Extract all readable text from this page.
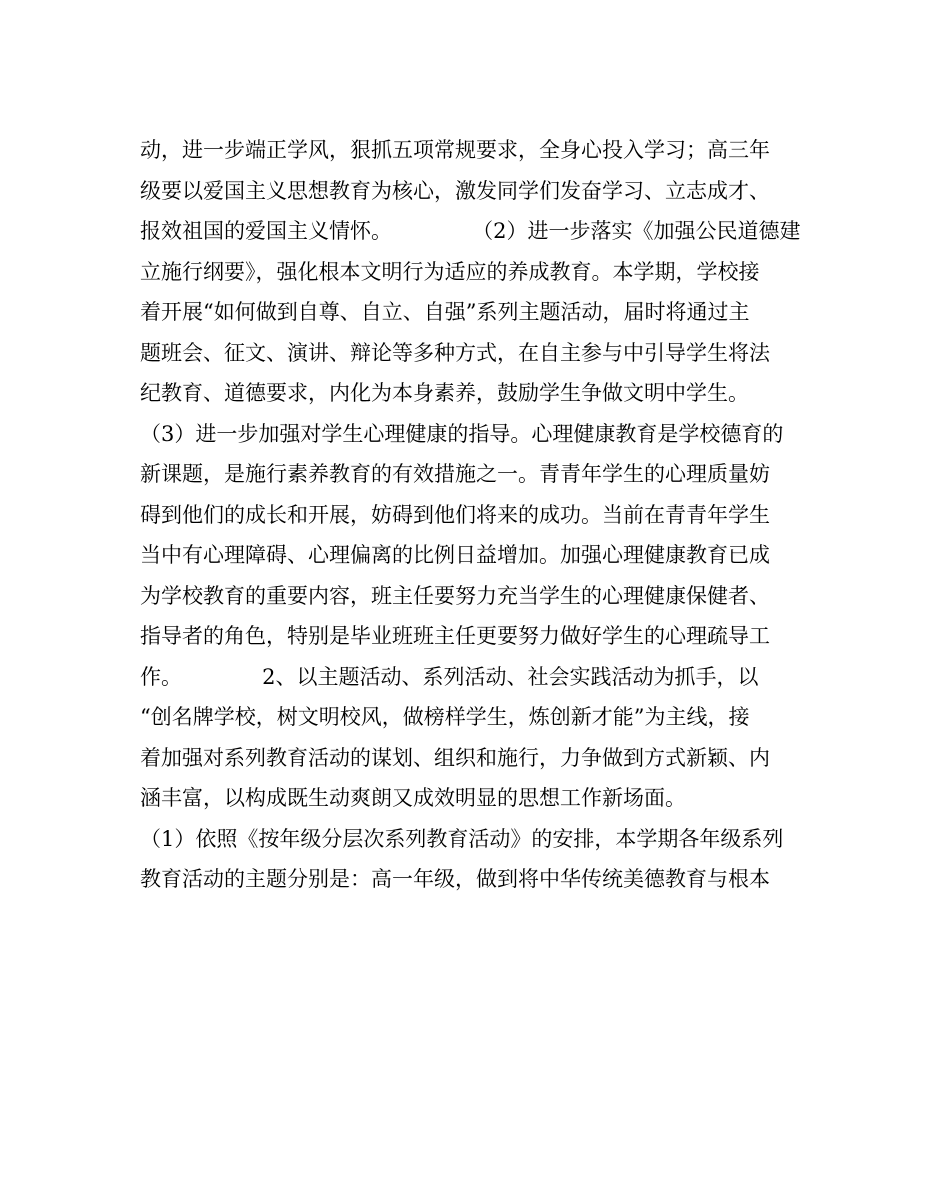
动，进一步端正学风，狠抓五项常规要求，全身心投入学习；高三年
级要以爱国主义思想教育为核心，激发同学们发奋学习、立志成才、
报效祖国的爱国主义情怀。            （2）进一步落实《加强公民道德建
立施行纲要》，强化根本文明行为适应的养成教育。本学期，学校接
着开展“如何做到自尊、自立、自强”系列主题活动，届时将通过主
题班会、征文、演讲、辩论等多种方式，在自主参与中引导学生将法
纪教育、道德要求，内化为本身素养，鼓励学生争做文明中学生。
（3）进一步加强对学生心理健康的指导。心理健康教育是学校德育的
新课题，是施行素养教育的有效措施之一。青青年学生的心理质量妨
碍到他们的成长和开展，妨碍到他们将来的成功。当前在青青年学生
当中有心理障碍、心理偏离的比例日益增加。加强心理健康教育已成
为学校教育的重要内容，班主任要努力充当学生的心理健康保健者、
指导者的角色，特别是毕业班班主任更要努力做好学生的心理疏导工
作。            2、以主题活动、系列活动、社会实践活动为抓手，以
“创名牌学校，树文明校风，做榜样学生，炼创新才能”为主线，接
着加强对系列教育活动的谋划、组织和施行，力争做到方式新颖、内
涵丰富，以构成既生动爽朗又成效明显的思想工作新场面。
（1）依照《按年级分层次系列教育活动》的安排，本学期各年级系列
教育活动的主题分别是：高一年级，做到将中华传统美德教育与根本
